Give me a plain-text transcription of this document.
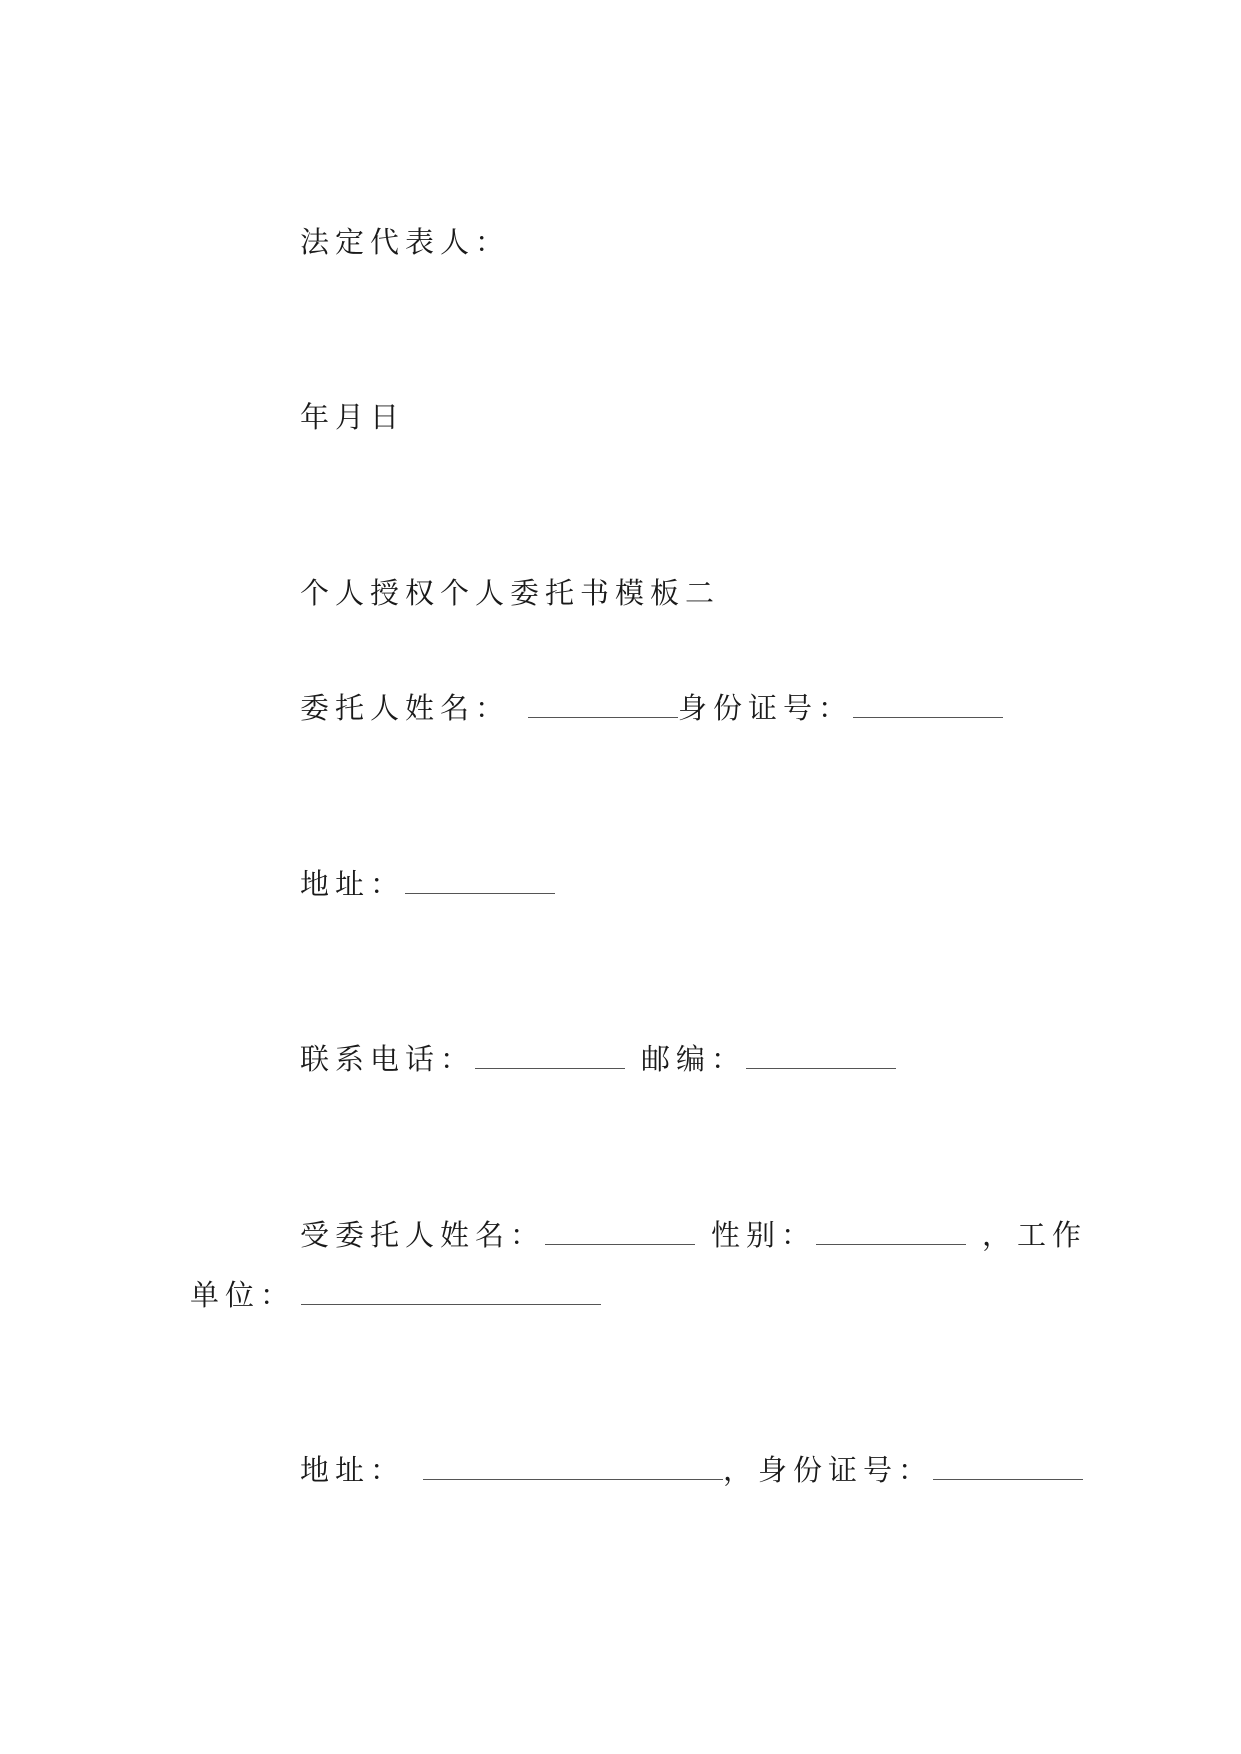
法定代表人：
年月日
个人授权个人委托书模板二
委托人姓名：	身份证号：
地址：
联系电话：	邮编：
受委托人姓名：	性别：	，工作
单位：
地址：	，身份证号：
